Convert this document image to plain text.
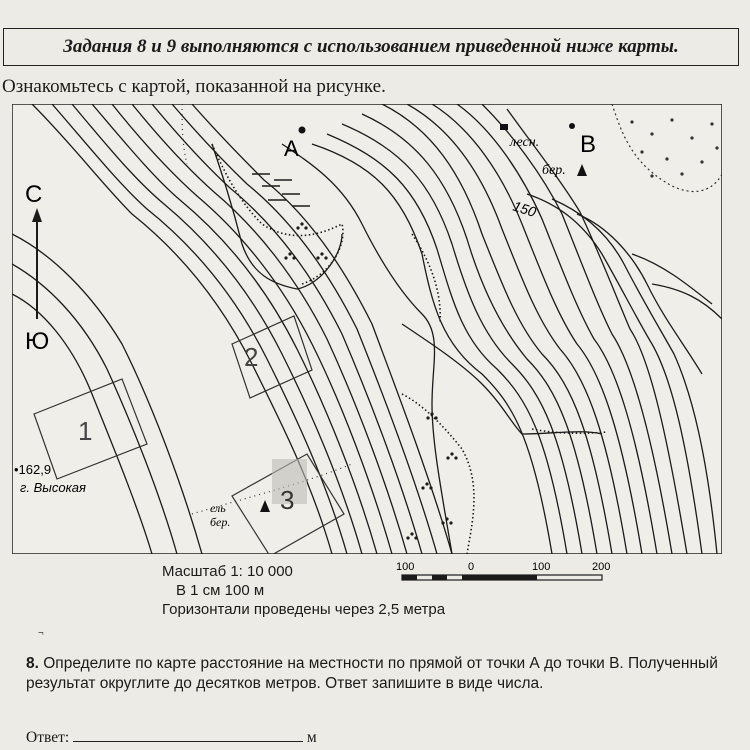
Задания 8 и 9 выполняются с использованием приведенной ниже карты.
Ознакомьтесь с картой, показанной на рисунке.
A	B
С
Ю
150
•162,9
г. Высокая
лесн.
бер.
ель
бер.
1
2
3
Масштаб 1: 10 000
В 1 см 100 м
Горизонтали проведены через 2,5 метра
100	0	100	200
¬
8. Определите по карте расстояние на местности по прямой от точки А до точки В. Полученный результат округлите до десятков метров. Ответ запишите в виде числа.
Ответ:	м
